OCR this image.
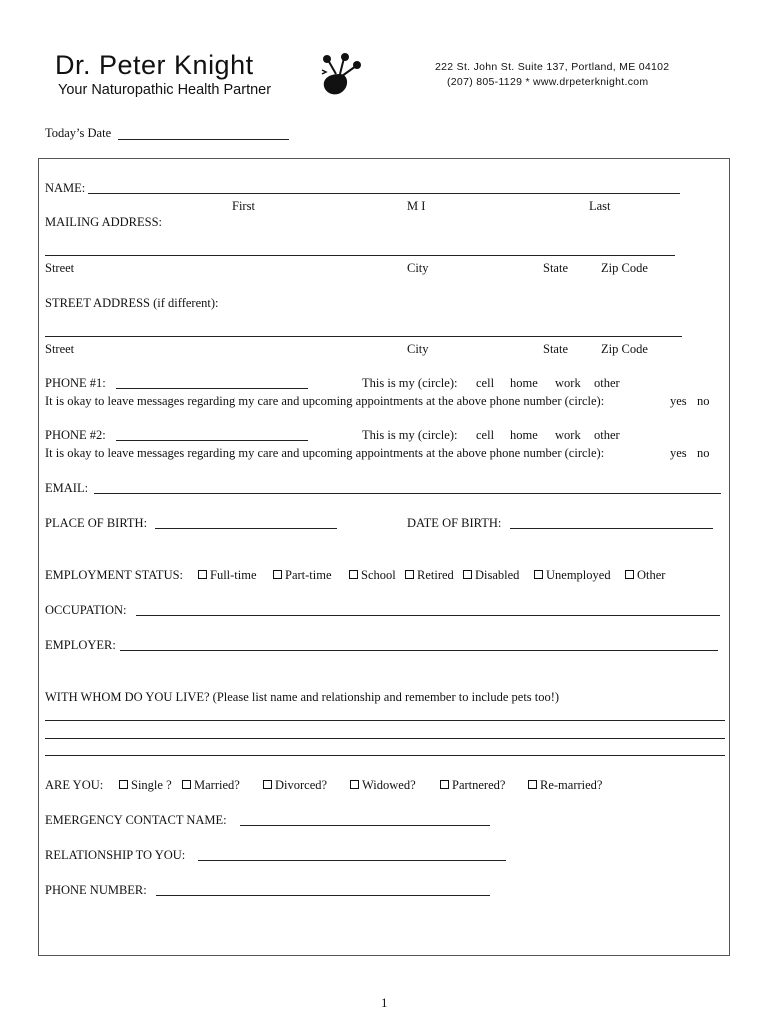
Dr. Peter Knight
Your Naturopathic Health Partner
222 St. John St. Suite 137, Portland, ME 04102
(207) 805-1129 * www.drpeterknight.com
Today’s Date
NAME:
First	M I	Last
MAILING ADDRESS:
Street	City	State	Zip Code
STREET ADDRESS (if different):
Street	City	State	Zip Code
PHONE #1:	This is my (circle): cell home work other
It is okay to leave messages regarding my care and upcoming appointments at the above phone number (circle):	yes no
PHONE #2:	This is my (circle): cell home work other
It is okay to leave messages regarding my care and upcoming appointments at the above phone number (circle):	yes no
EMAIL:
PLACE OF BIRTH:	DATE OF BIRTH:
EMPLOYMENT STATUS:	Full-time	Part-time	School	Retired	Disabled	Unemployed	Other
OCCUPATION:
EMPLOYER:
WITH WHOM DO YOU LIVE? (Please list name and relationship and remember to include pets too!)
ARE YOU:	Single ?	Married?	Divorced?	Widowed?	Partnered?	Re-married?
EMERGENCY CONTACT NAME:
RELATIONSHIP TO YOU:
PHONE NUMBER:
1
